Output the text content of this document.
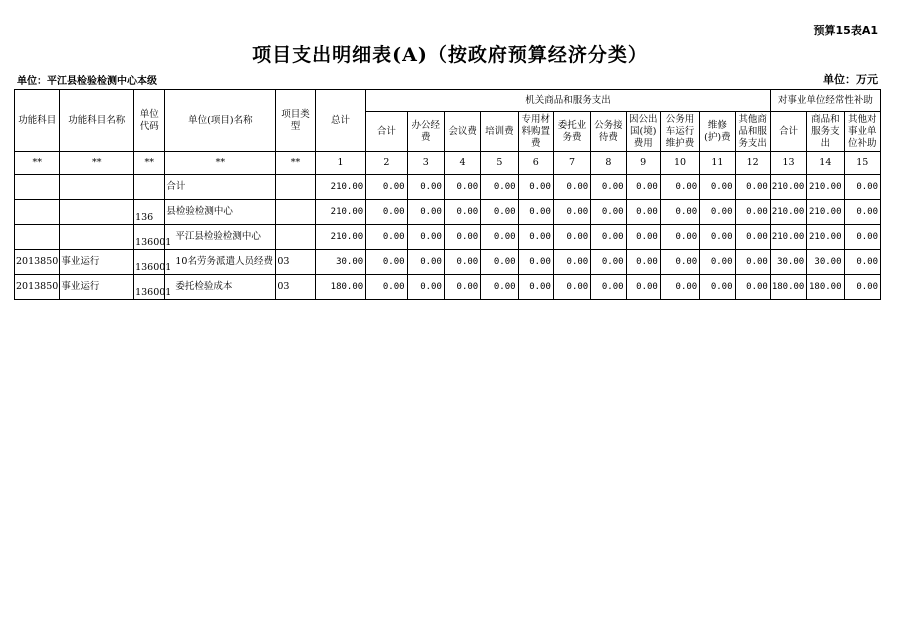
预算15表A1
项目支出明细表(A)（按政府预算经济分类）
单位：平江县检验检测中心本级	单位：万元
功能科目	功能科目名称	单位代码	单位(项目)名称	项目类型	总计	机关商品和服务支出											对事业单位经常性补助		
						合计	办公经费	会议费	培训费	专用材料购置费	委托业务费	公务接待费	因公出国(境)费用	公务用车运行维护费	维修(护)费	其他商品和服务支出	合计	商品和服务支出	其他对事业单位补助
**	**	**	**	**	1	2	3	4	5	6	7	8	9	10	11	12	13	14	15
			合计		210.00	0.00	0.00	0.00	0.00	0.00	0.00	0.00	0.00	0.00	0.00	0.00	210.00	210.00	0.00
		136	县检验检测中心		210.00	0.00	0.00	0.00	0.00	0.00	0.00	0.00	0.00	0.00	0.00	0.00	210.00	210.00	0.00
		136001	平江县检验检测中心		210.00	0.00	0.00	0.00	0.00	0.00	0.00	0.00	0.00	0.00	0.00	0.00	210.00	210.00	0.00
2013850	事业运行	136001	10名劳务派遣人员经费	03	30.00	0.00	0.00	0.00	0.00	0.00	0.00	0.00	0.00	0.00	0.00	0.00	30.00	30.00	0.00
2013850	事业运行	136001	委托检验成本	03	180.00	0.00	0.00	0.00	0.00	0.00	0.00	0.00	0.00	0.00	0.00	0.00	180.00	180.00	0.00
